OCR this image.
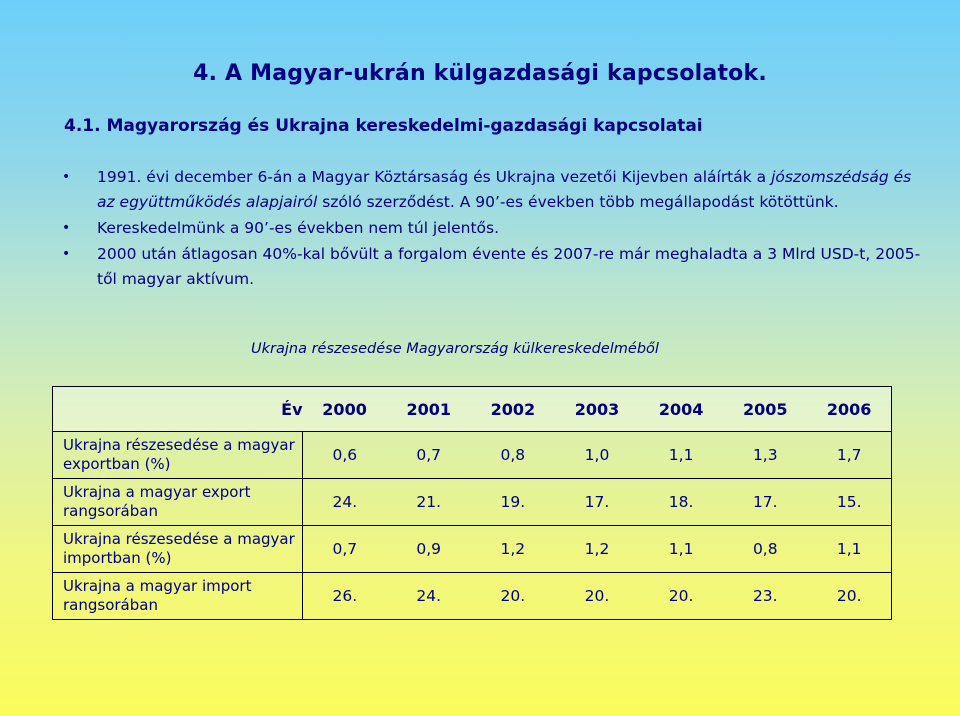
4. A Magyar-ukrán külgazdasági kapcsolatok.
4.1. Magyarország és Ukrajna kereskedelmi-gazdasági kapcsolatai
• 1991. évi december 6-án a Magyar Köztársaság és Ukrajna vezetői Kijevben aláírták a jószomszédság és az együttműködés alapjairól szóló szerződést. A 90’-es években több megállapodást kötöttünk.
• Kereskedelmünk a 90’-es években nem túl jelentős.
• 2000 után átlagosan 40%-kal bővült a forgalom évente és 2007-re már meghaladta a 3 Mlrd USD-t, 2005-től magyar aktívum.
Ukrajna részesedése Magyarország külkereskedelméből
Év	2000	2001	2002	2003	2004	2005	2006
Ukrajna részesedése a magyar exportban (%)	0,6	0,7	0,8	1,0	1,1	1,3	1,7
Ukrajna a magyar export rangsorában	24.	21.	19.	17.	18.	17.	15.
Ukrajna részesedése a magyar importban (%)	0,7	0,9	1,2	1,2	1,1	0,8	1,1
Ukrajna a magyar import rangsorában	26.	24.	20.	20.	20.	23.	20.
